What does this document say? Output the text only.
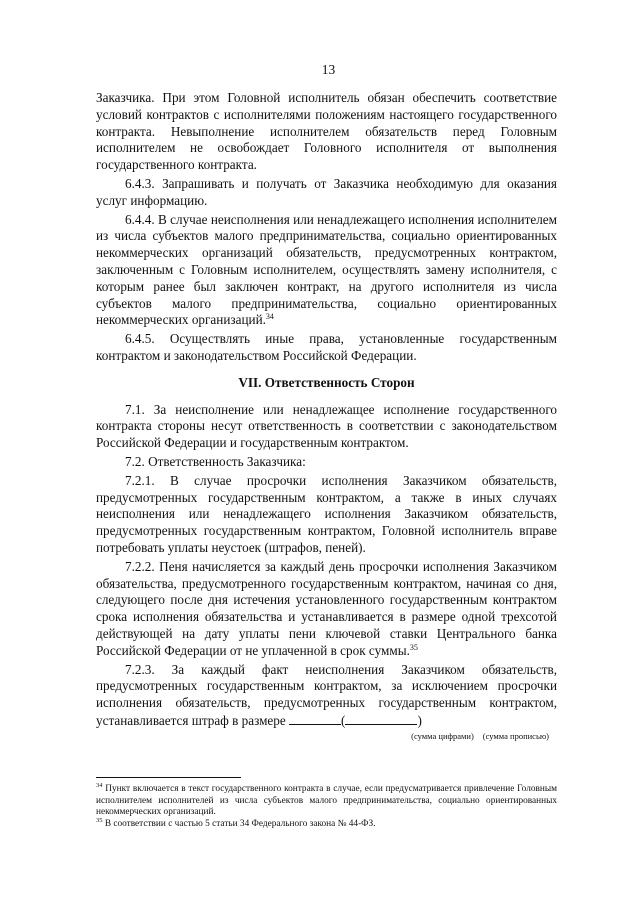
13

Заказчика. При этом Головной исполнитель обязан обеспечить соответствие условий контрактов с исполнителями положениям настоящего государственного контракта. Невыполнение исполнителем обязательств перед Головным исполнителем не освобождает Головного исполнителя от выполнения государственного контракта.

6.4.3. Запрашивать и получать от Заказчика необходимую для оказания услуг информацию.

6.4.4. В случае неисполнения или ненадлежащего исполнения исполнителем из числа субъектов малого предпринимательства, социально ориентированных некоммерческих организаций обязательств, предусмотренных контрактом, заключенным с Головным исполнителем, осуществлять замену исполнителя, с которым ранее был заключен контракт, на другого исполнителя из числа субъектов малого предпринимательства, социально ориентированных некоммерческих организаций.$^{34}$

6.4.5. Осуществлять иные права, установленные государственным контрактом и законодательством Российской Федерации.

VII. Ответственность Сторон

7.1. За неисполнение или ненадлежащее исполнение государственного контракта стороны несут ответственность в соответствии с законодательством Российской Федерации и государственным контрактом.

7.2. Ответственность Заказчика:

7.2.1. В случае просрочки исполнения Заказчиком обязательств, предусмотренных государственным контрактом, а также в иных случаях неисполнения или ненадлежащего исполнения Заказчиком обязательств, предусмотренных государственным контрактом, Головной исполнитель вправе потребовать уплаты неустоек (штрафов, пеней).

7.2.2. Пеня начисляется за каждый день просрочки исполнения Заказчиком обязательства, предусмотренного государственным контрактом, начиная со дня, следующего после дня истечения установленного государственным контрактом срока исполнения обязательства и устанавливается в размере одной трехсотой действующей на дату уплаты пени ключевой ставки Центрального банка Российской Федерации от не уплаченной в срок суммы.$^{35}$

7.2.3. За каждый факт неисполнения Заказчиком обязательств, предусмотренных государственным контрактом, за исключением просрочки исполнения обязательств, предусмотренных государственным контрактом, устанавливается штраф в размере	(	)

(сумма цифрами) (сумма прописью)

$^{34}$ Пункт включается в текст государственного контракта в случае, если предусматривается привлечение Головным исполнителем исполнителей из числа субъектов малого предпринимательства, социально ориентированных некоммерческих организаций.

$^{35}$ В соответствии с частью 5 статьи 34 Федерального закона № 44-ФЗ.
